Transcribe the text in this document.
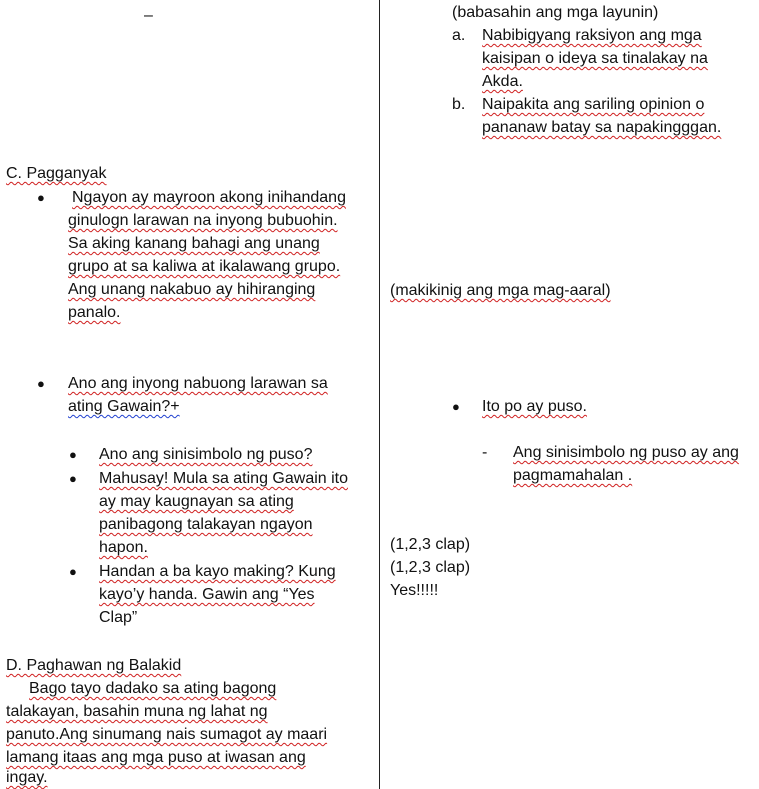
–	(babasahin ang mga layunin)
a. Nabibigyang raksiyon ang mga
kaisipan o ideya sa tinalakay na
Akda.
b. Naipakita ang sariling opinion o
pananaw batay sa napakingggan.
(makikinig ang mga mag-aaral)
● Ito po ay puso.
- Ang sinisimbolo ng puso ay ang
pagmamahalan .
(1,2,3 clap)
(1,2,3 clap)
Yes!!!!!
C. Pagganyak
● Ngayon ay mayroon akong inihandang
ginulogn larawan na inyong bubuohin.
Sa aking kanang bahagi ang unang
grupo at sa kaliwa at ikalawang grupo.
Ang unang nakabuo ay hihiranging
panalo.
● Ano ang inyong nabuong larawan sa
ating Gawain?+
● Ano ang sinisimbolo ng puso?
● Mahusay! Mula sa ating Gawain ito
ay may kaugnayan sa ating
panibagong talakayan ngayon
hapon.
● Handan a ba kayo making? Kung
kayo’y handa. Gawin ang “Yes
Clap”
D. Paghawan ng Balakid
Bago tayo dadako sa ating bagong
talakayan, basahin muna ng lahat ng
panuto.Ang sinumang nais sumagot ay maari
lamang itaas ang mga puso at iwasan ang
ingay.
